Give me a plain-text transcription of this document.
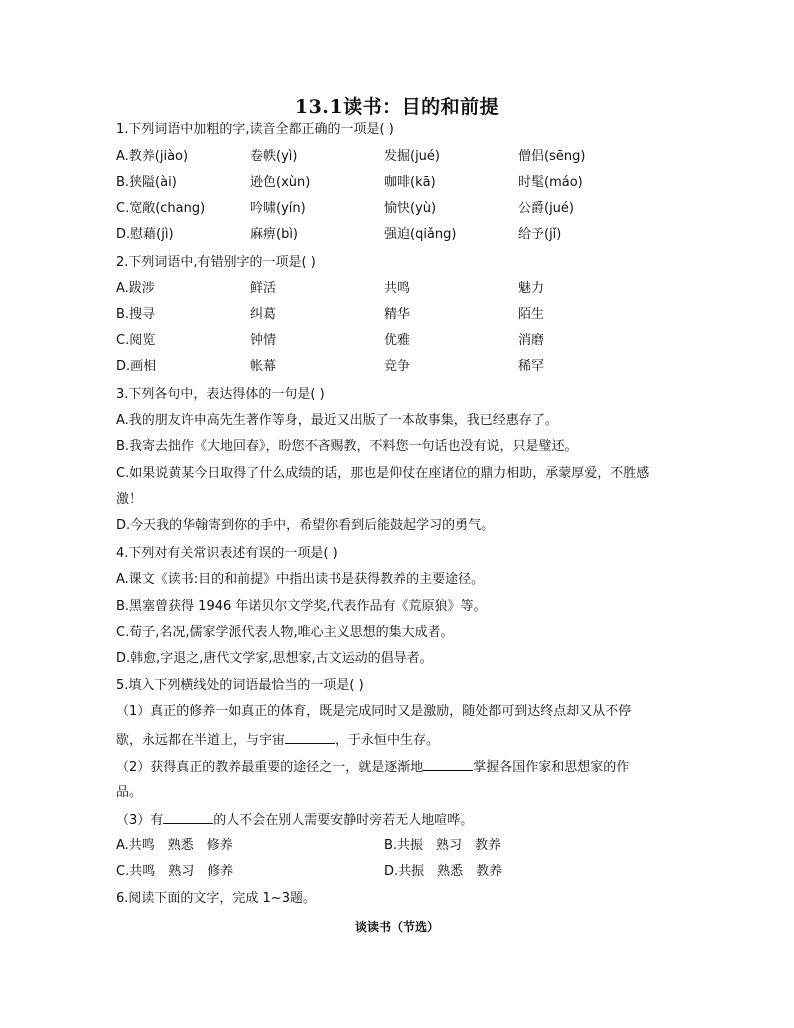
13.1读书：目的和前提
1.下列词语中加粗的字,读音全都正确的一项是( )
A.教养(jiào)	卷帙(yì)	发掘(jué)	僧侣(sēng)
B.狭隘(ài)	逊色(xùn)	咖啡(kā)	时髦(máo)
C.宽敞(chang)	吟啸(yín)	愉快(yù)	公爵(jué)
D.慰藉(jì)	麻痹(bì)	强迫(qiǎng)	给予(jǐ)
2.下列词语中,有错别字的一项是( )
A.跋涉	鲜活	共鸣	魅力
B.搜寻	纠葛	精华	陌生
C.阅览	钟情	优雅	消磨
D.画相	帐幕	竞争	稀罕
3.下列各句中，表达得体的一句是( )
A.我的朋友许申高先生著作等身，最近又出版了一本故事集，我已经惠存了。
B.我寄去拙作《大地回春》，盼您不吝赐教，不料您一句话也没有说，只是璧还。
C.如果说黄某今日取得了什么成绩的话，那也是仰仗在座诸位的鼎力相助，承蒙厚爱，不胜感
激！
D.今天我的华翰寄到你的手中，希望你看到后能鼓起学习的勇气。
4.下列对有关常识表述有误的一项是( )
A.课文《读书:目的和前提》中指出读书是获得教养的主要途径。
B.黑塞曾获得 1946 年诺贝尔文学奖,代表作品有《荒原狼》等。
C.荀子,名况,儒家学派代表人物,唯心主义思想的集大成者。
D.韩愈,字退之,唐代文学家,思想家,古文运动的倡导者。
5.填入下列横线处的词语最恰当的一项是( )
（1）真正的修养一如真正的体育，既是完成同时又是激励，随处都可到达终点却又从不停
歇，永远都在半道上，与宇宙	，于永恒中生存。
（2）获得真正的教养最重要的途径之一，就是逐渐地	掌握各国作家和思想家的作
品。
（3）有	的人不会在别人需要安静时旁若无人地喧哗。
A.共鸣　熟悉　修养	B.共振　熟习　教养
C.共鸣　熟习　修养	D.共振　熟悉　教养
6.阅读下面的文字，完成 1~3题。
谈读书（节选）
